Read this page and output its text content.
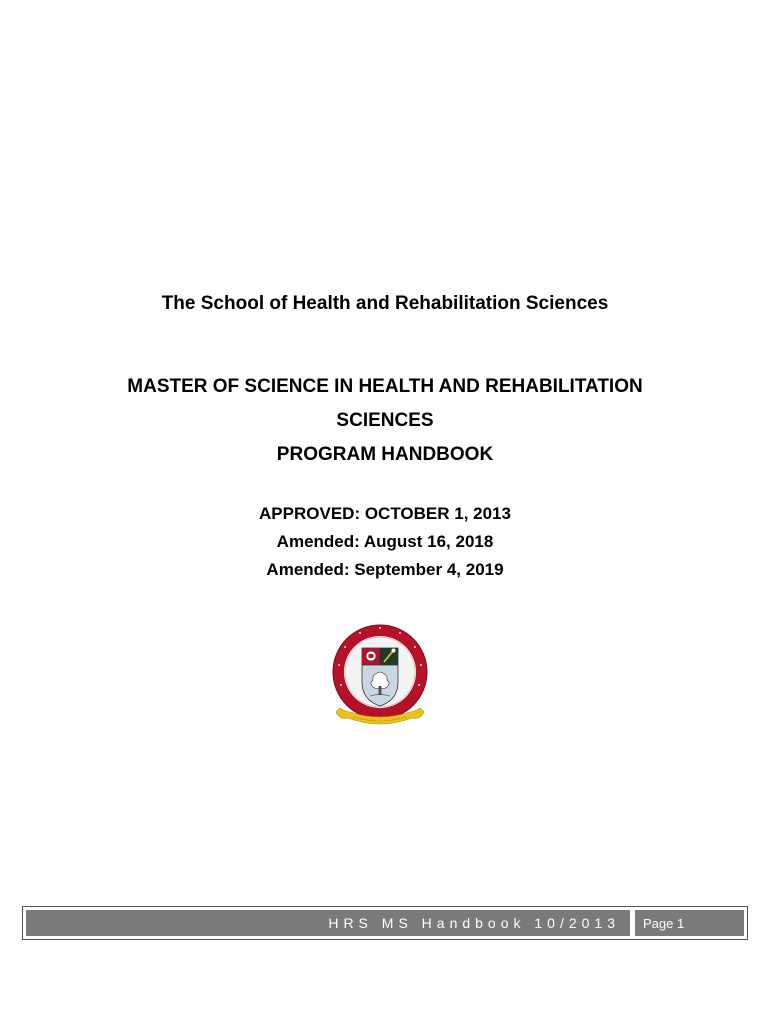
The School of Health and Rehabilitation Sciences
MASTER OF SCIENCE IN HEALTH AND REHABILITATION
SCIENCES
PROGRAM HANDBOOK
APPROVED: OCTOBER 1, 2013
Amended: August 16, 2018
Amended: September 4, 2019
HRS MS Handbook 10/2013 Page 1
